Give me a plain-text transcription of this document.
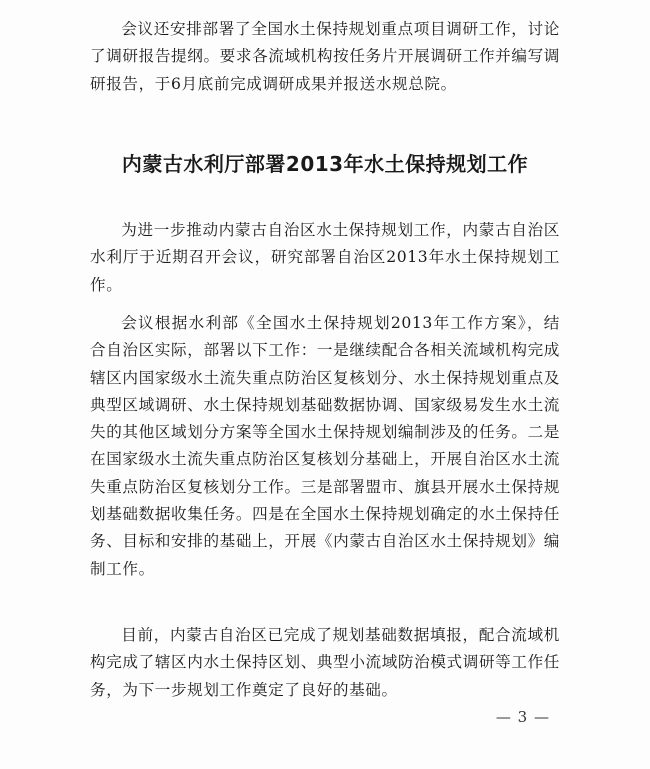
会议还安排部署了全国水土保持规划重点项目调研工作，讨论了调研报告提纲。要求各流域机构按任务片开展调研工作并编写调研报告，于6月底前完成调研成果并报送水规总院。

内蒙古水利厅部署2013年水土保持规划工作

为进一步推动内蒙古自治区水土保持规划工作，内蒙古自治区水利厅于近期召开会议，研究部署自治区2013年水土保持规划工作。

会议根据水利部《全国水土保持规划2013年工作方案》，结合自治区实际，部署以下工作：一是继续配合各相关流域机构完成辖区内国家级水土流失重点防治区复核划分、水土保持规划重点及典型区域调研、水土保持规划基础数据协调、国家级易发生水土流失的其他区域划分方案等全国水土保持规划编制涉及的任务。二是在国家级水土流失重点防治区复核划分基础上，开展自治区水土流失重点防治区复核划分工作。三是部署盟市、旗县开展水土保持规划基础数据收集任务。四是在全国水土保持规划确定的水土保持任务、目标和安排的基础上，开展《内蒙古自治区水土保持规划》编制工作。

目前，内蒙古自治区已完成了规划基础数据填报，配合流域机构完成了辖区内水土保持区划、典型小流域防治模式调研等工作任务，为下一步规划工作奠定了良好的基础。

— 3 —
